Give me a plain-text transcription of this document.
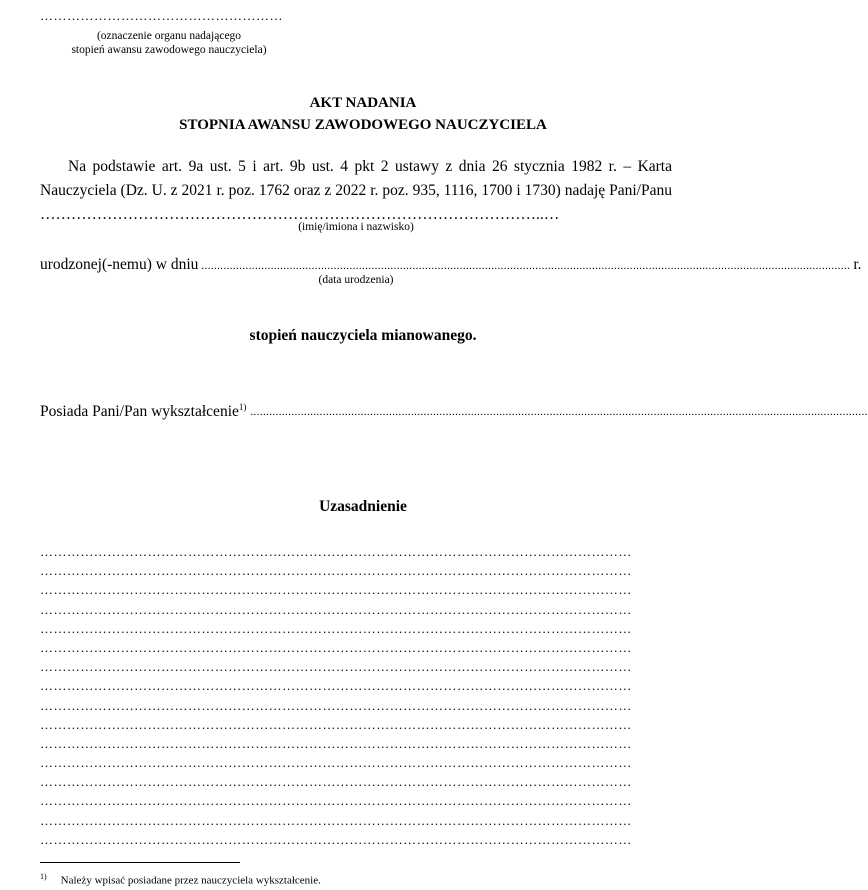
………………………………………………
(oznaczenie organu nadającego
stopień awansu zawodowego nauczyciela)
AKT NADANIA
STOPNIA AWANSU ZAWODOWEGO NAUCZYCIELA
Na podstawie art. 9a ust. 5 i art. 9b ust. 4 pkt 2 ustawy z dnia 26 stycznia 1982 r. – Karta Nauczyciela (Dz. U. z 2021 r. poz. 1762 oraz z 2022 r. poz. 935, 1116, 1700 i 1730) nadaję Pani/Panu ……………………………………………………………………………………..…
(imię/imiona i nazwisko)
urodzonej(-nemu) w dniu .............................................................................................................................................................................................................. r.
(data urodzenia)
stopień nauczyciela mianowanego.
Posiada Pani/Pan wykształcenie$^{1)}$ ....................................................................................................................................................................................................
Uzasadnienie
……………………………………………………………………………………………………………………
……………………………………………………………………………………………………………………
……………………………………………………………………………………………………………………
……………………………………………………………………………………………………………………
……………………………………………………………………………………………………………………
……………………………………………………………………………………………………………………
……………………………………………………………………………………………………………………
……………………………………………………………………………………………………………………
……………………………………………………………………………………………………………………
……………………………………………………………………………………………………………………
……………………………………………………………………………………………………………………
……………………………………………………………………………………………………………………
……………………………………………………………………………………………………………………
……………………………………………………………………………………………………………………
……………………………………………………………………………………………………………………
……………………………………………………………………………………………………………………
$^{1)}$ Należy wpisać posiadane przez nauczyciela wykształcenie.
